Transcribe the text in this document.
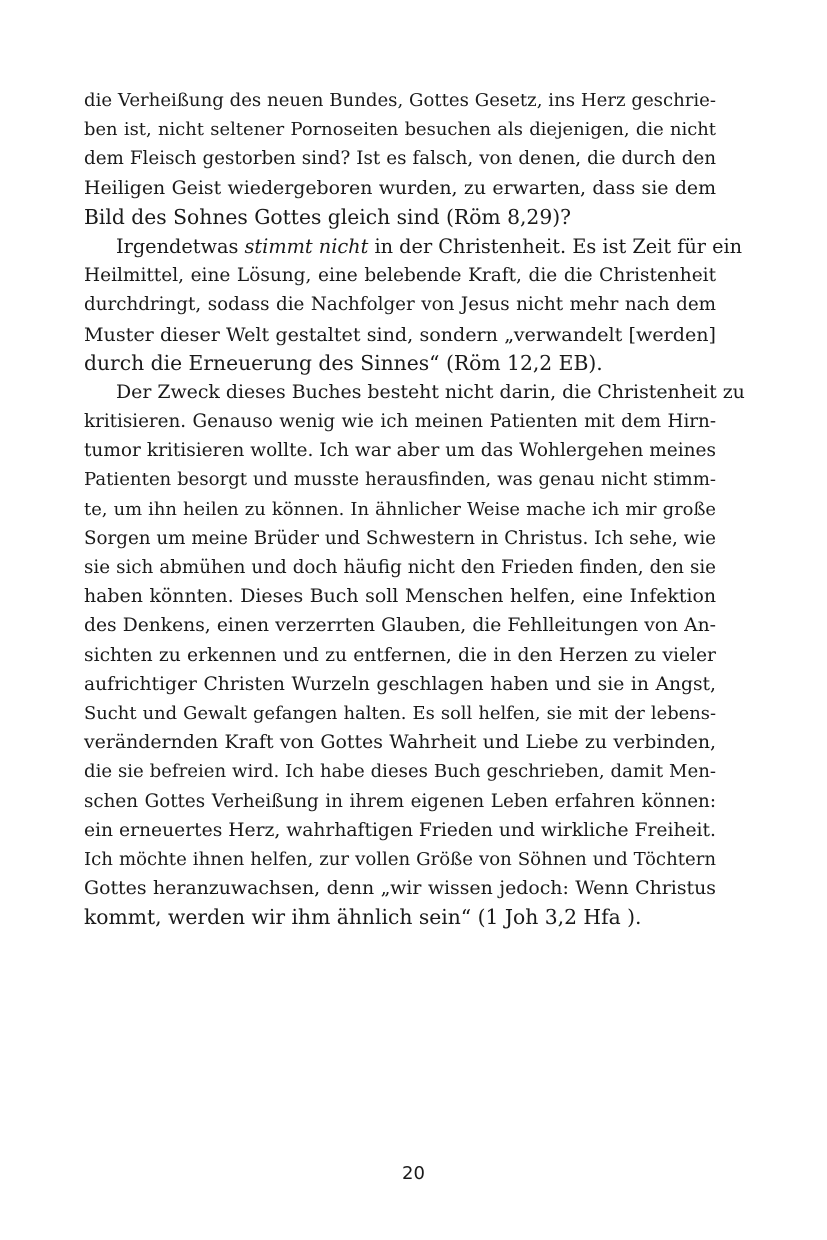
die Verheißung des neuen Bundes, Gottes Gesetz, ins Herz geschrie-
ben ist, nicht seltener Pornoseiten besuchen als diejenigen, die nicht
dem Fleisch gestorben sind? Ist es falsch, von denen, die durch den
Heiligen Geist wiedergeboren wurden, zu erwarten, dass sie dem
Bild des Sohnes Gottes gleich sind (Röm 8,29)?
Irgendetwas stimmt nicht in der Christenheit. Es ist Zeit für ein
Heilmittel, eine Lösung, eine belebende Kraft, die die Christenheit
durchdringt, sodass die Nachfolger von Jesus nicht mehr nach dem
Muster dieser Welt gestaltet sind, sondern „verwandelt [werden]
durch die Erneuerung des Sinnes“ (Röm 12,2 EB).
Der Zweck dieses Buches besteht nicht darin, die Christenheit zu
kritisieren. Genauso wenig wie ich meinen Patienten mit dem Hirn-
tumor kritisieren wollte. Ich war aber um das Wohlergehen meines
Patienten besorgt und musste herausfinden, was genau nicht stimm-
te, um ihn heilen zu können. In ähnlicher Weise mache ich mir große
Sorgen um meine Brüder und Schwestern in Christus. Ich sehe, wie
sie sich abmühen und doch häufig nicht den Frieden finden, den sie
haben könnten. Dieses Buch soll Menschen helfen, eine Infektion
des Denkens, einen verzerrten Glauben, die Fehlleitungen von An-
sichten zu erkennen und zu entfernen, die in den Herzen zu vieler
aufrichtiger Christen Wurzeln geschlagen haben und sie in Angst,
Sucht und Gewalt gefangen halten. Es soll helfen, sie mit der lebens-
verändernden Kraft von Gottes Wahrheit und Liebe zu verbinden,
die sie befreien wird. Ich habe dieses Buch geschrieben, damit Men-
schen Gottes Verheißung in ihrem eigenen Leben erfahren können:
ein erneuertes Herz, wahrhaftigen Frieden und wirkliche Freiheit.
Ich möchte ihnen helfen, zur vollen Größe von Söhnen und Töchtern
Gottes heranzuwachsen, denn „wir wissen jedoch: Wenn Christus
kommt, werden wir ihm ähnlich sein“ (1 Joh 3,2 Hfa ).
20
